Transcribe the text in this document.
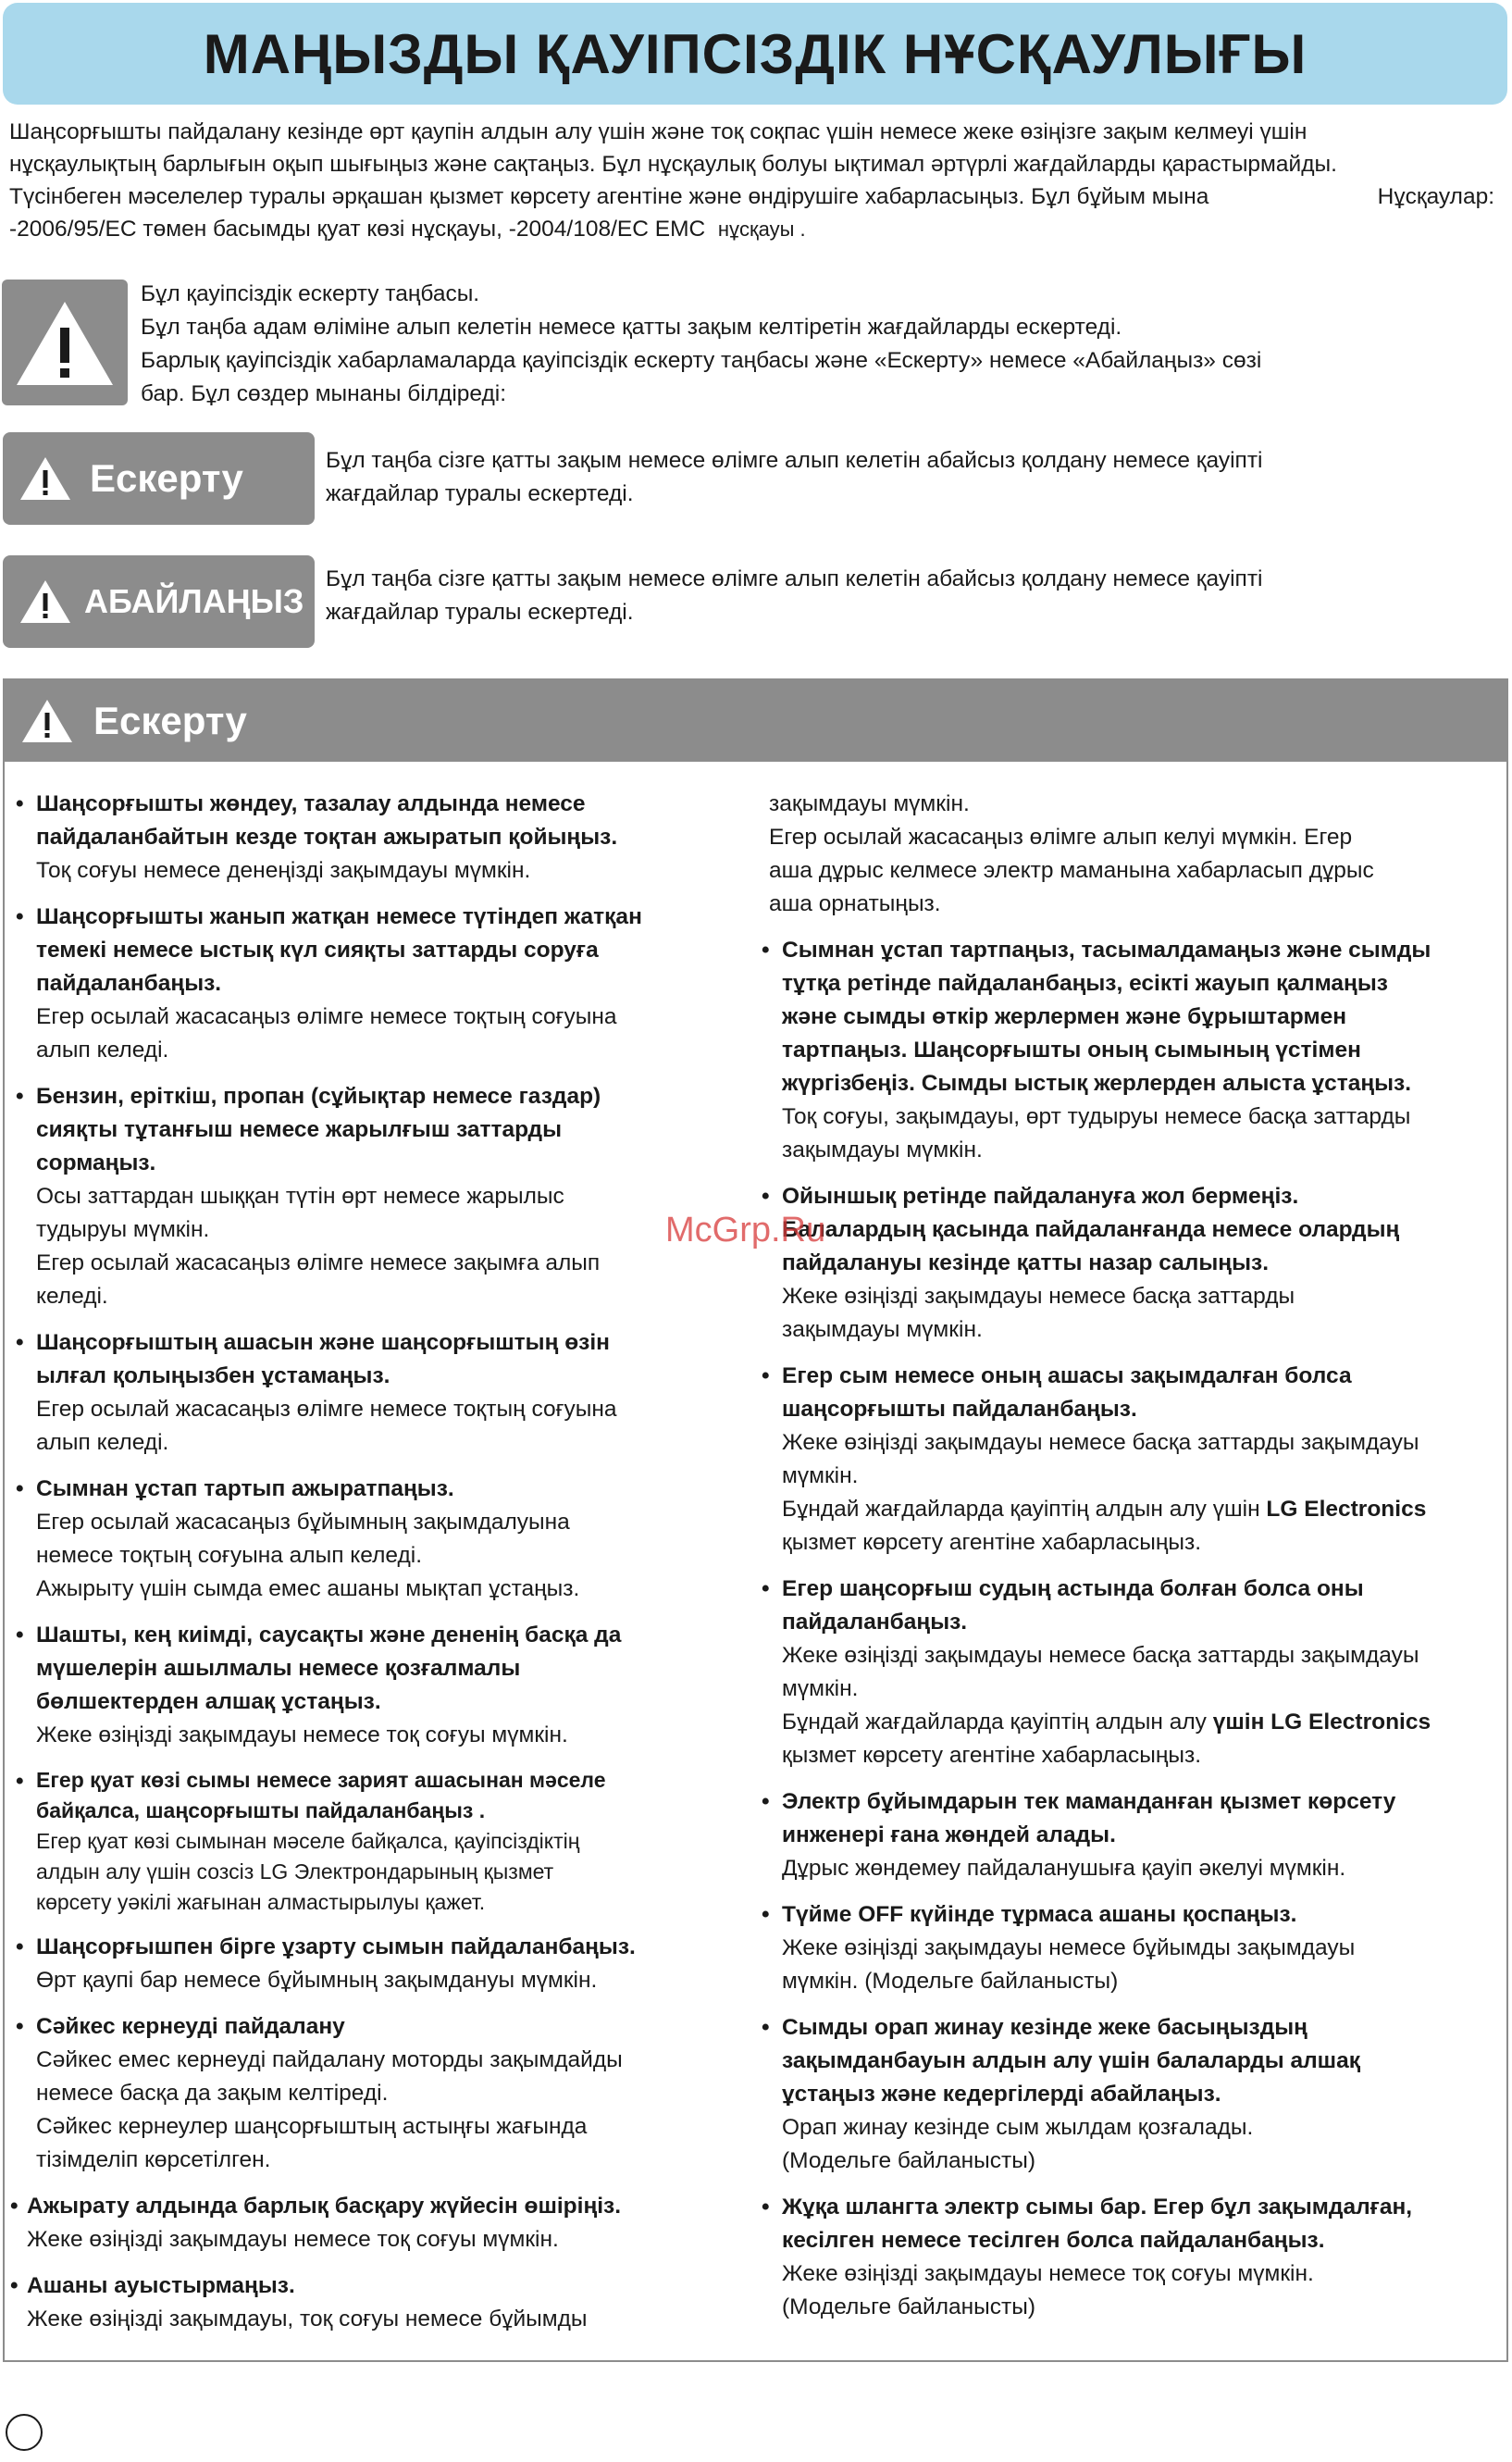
МАҢЫЗДЫ ҚАУІПСІЗДІК НҰСҚАУЛЫҒЫ

Шаңсорғышты пайдалану кезінде өрт қаупін алдын алу үшін және тоқ соқпас үшін немесе жеке өзіңізге зақым келмеуі үшін

нұсқаулықтың барлығын оқып шығыңыз және сақтаңыз. Бұл нұсқаулық болуы ықтимал әртүрлі жағдайларды қарастырмайды.

Түсінбеген мәселелер туралы әрқашан қызмет көрсету агентіне және өндірушіге хабарласыңыз. Бұл бұйым мына	Нұсқаулар:

-2006/95/EC төмен басымды қуат көзі нұсқауы, -2004/108/EC EMC нұсқауы .

Бұл қауіпсіздік ескерту таңбасы.

Бұл таңба адам өліміне алып келетін немесе қатты зақым келтіретін жағдайларды ескертеді.

Барлық қауіпсіздік хабарламаларда қауіпсіздік ескерту таңбасы және «Ескерту» немесе «Абайлаңыз» сөзі

бар. Бұл сөздер мынаны білдіреді:

Ескерту	Бұл таңба сізге қатты зақым немесе өлімге алып келетін абайсыз қолдану немесе қауіпті

жағдайлар туралы ескертеді.

АБАЙЛАҢЫЗ

Бұл таңба сізге қатты зақым немесе өлімге алып келетін абайсыз қолдану немесе қауіпті

жағдайлар туралы ескертеді.

Ескерту
• Шаңсорғышты жөндеу, тазалау алдында немесе

пайдаланбайтын кезде тоқтан ажыратып қойыңыз.

Тоқ соғуы немесе денеңізді зақымдауы мүмкін.

• Шаңсорғышты жанып жатқан немесе түтіндеп жатқан

темекі немесе ыстық күл сияқты заттарды соруға

пайдаланбаңыз.

Егер осылай жасасаңыз өлімге немесе тоқтың соғуына

алып келеді.

• Бензин, еріткіш, пропан (сұйықтар немесе газдар)

сияқты тұтанғыш немесе жарылғыш заттарды

сормаңыз.

Осы заттардан шыққан түтін өрт немесе жарылыс

тудыруы мүмкін.

Егер осылай жасасаңыз өлімге немесе зақымға алып

келеді.

• Шаңсорғыштың ашасын және шаңсорғыштың өзін

ылғал қолыңызбен ұстамаңыз.

Егер осылай жасасаңыз өлімге немесе тоқтың соғуына

алып келеді.

• Сымнан ұстап тартып ажыратпаңыз.

Егер осылай жасасаңыз бұйымның зақымдалуына

немесе тоқтың соғуына алып келеді.

Ажырыту үшін сымда емес ашаны мықтап ұстаңыз.

• Шашты, кең киімді, саусақты және дененің басқа да

мүшелерін ашылмалы немесе қозғалмалы

бөлшектерден алшақ ұстаңыз.

Жеке өзіңізді зақымдауы немесе тоқ соғуы мүмкін.

• Егер қуат көзі сымы немесе зарият ашасынан мәселе

байқалса, шаңсорғышты пайдаланбаңыз .

Егер қуат көзі сымынан мәселе байқалса, қауіпсіздіктің

алдын алу үшін созсіз LG Электрондарының қызмет

көрсету уәкілі жағынан алмастырылуы қажет.

• Шаңсорғышпен бірге ұзарту сымын пайдаланбаңыз.

Өрт қаупі бар немесе бұйымның зақымдануы мүмкін.

• Сәйкес кернеуді пайдалану

Сәйкес емес кернеуді пайдалану моторды зақымдайды

немесе басқа да зақым келтіреді.

Сәйкес кернеулер шаңсорғыштың астыңғы жағында

тізімделіп көрсетілген.

• Ажырату алдында барлық басқару жүйесін өшіріңіз.

Жеке өзіңізді зақымдауы немесе тоқ соғуы мүмкін.

• Ашаны ауыстырмаңыз.

Жеке өзіңізді зақымдауы, тоқ соғуы немесе бұйымды

зақымдауы мүмкін.

Егер осылай жасасаңыз өлімге алып келуі мүмкін. Егер

аша дұрыс келмесе электр маманына хабарласып дұрыс

аша орнатыңыз.

• Сымнан ұстап тартпаңыз, тасымалдамаңыз және сымды

тұтқа ретінде пайдаланбаңыз, есікті жауып қалмаңыз

және сымды өткір жерлермен және бұрыштармен

тартпаңыз. Шаңсорғышты оның сымының үстімен

жүргізбеңіз. Сымды ыстық жерлерден алыста ұстаңыз.

Тоқ соғуы, зақымдауы, өрт тудыруы немесе басқа заттарды

зақымдауы мүмкін.

• Ойыншық ретінде пайдалануға жол бермеңіз.

Балалардың қасында пайдаланғанда немесе олардың

пайдалануы кезінде қатты назар салыңыз.

Жеке өзіңізді зақымдауы немесе басқа заттарды

зақымдауы мүмкін.

• Егер сым немесе оның ашасы зақымдалған болса

шаңсорғышты пайдаланбаңыз.

Жеке өзіңізді зақымдауы немесе басқа заттарды зақымдауы

мүмкін.

Бұндай жағдайларда қауіптің алдын алу үшін LG Electronics

қызмет көрсету агентіне хабарласыңыз.

• Егер шаңсорғыш судың астында болған болса оны

пайдаланбаңыз.

Жеке өзіңізді зақымдауы немесе басқа заттарды зақымдауы

мүмкін.

Бұндай жағдайларда қауіптің алдын алу үшін LG Electronics

қызмет көрсету агентіне хабарласыңыз.

• Электр бұйымдарын тек маманданған қызмет көрсету

инженері ғана жөндей алады.

Дұрыс жөндемеу пайдаланушыға қауіп әкелуі мүмкін.

• Түйме OFF күйінде тұрмаса ашаны қоспаңыз.

Жеке өзіңізді зақымдауы немесе бұйымды зақымдауы

мүмкін. (Модельге байланысты)

• Сымды орап жинау кезінде жеке басыңыздың

зақымданбауын алдын алу үшін балаларды алшақ

ұстаңыз және кедергілерді абайлаңыз.

Орап жинау кезінде сым жылдам қозғалады.

(Модельге байланысты)

• Жұқа шлангта электр сымы бар. Егер бұл зақымдалған,

кесілген немесе тесілген болса пайдаланбаңыз.

Жеке өзіңізді зақымдауы немесе тоқ соғуы мүмкін.

(Модельге байланысты)

McGrp.Ru
